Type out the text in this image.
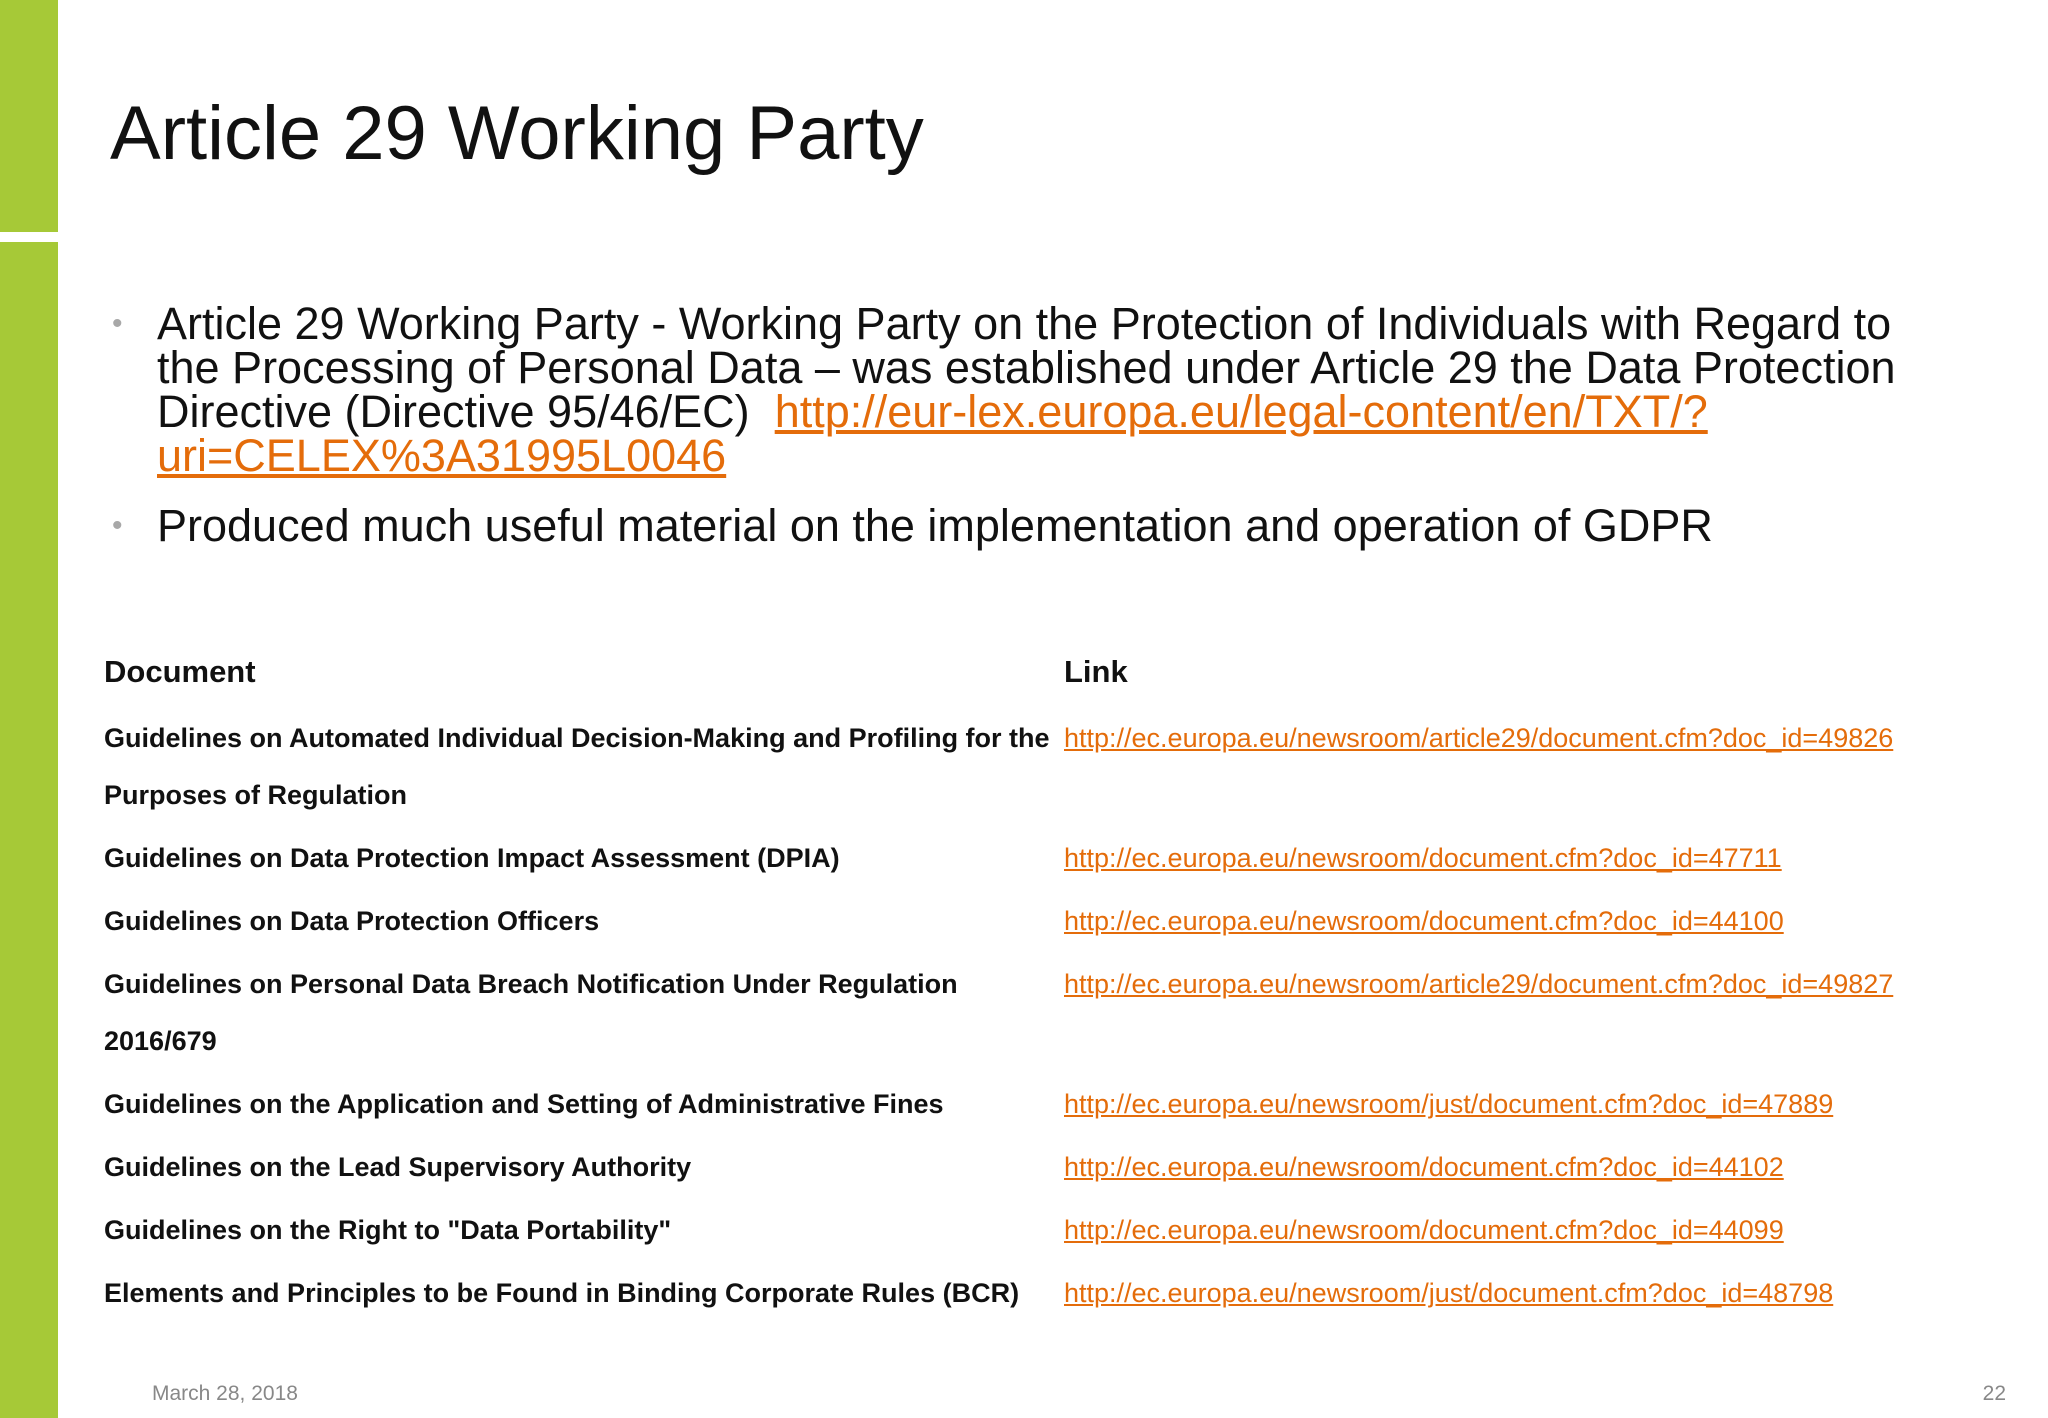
Article 29 Working Party
• Article 29 Working Party - Working Party on the Protection of Individuals with Regard to the Processing of Personal Data – was established under Article 29 the Data Protection Directive (Directive 95/46/EC) http://eur-lex.europa.eu/legal-content/en/TXT/?uri=CELEX%3A31995L0046
• Produced much useful material on the implementation and operation of GDPR
Document	Link
Guidelines on Automated Individual Decision-Making and Profiling for the Purposes of Regulation	http://ec.europa.eu/newsroom/article29/document.cfm?doc_id=49826
Guidelines on Data Protection Impact Assessment (DPIA)	http://ec.europa.eu/newsroom/document.cfm?doc_id=47711
Guidelines on Data Protection Officers	http://ec.europa.eu/newsroom/document.cfm?doc_id=44100
Guidelines on Personal Data Breach Notification Under Regulation 2016/679	http://ec.europa.eu/newsroom/article29/document.cfm?doc_id=49827
Guidelines on the Application and Setting of Administrative Fines	http://ec.europa.eu/newsroom/just/document.cfm?doc_id=47889
Guidelines on the Lead Supervisory Authority	http://ec.europa.eu/newsroom/document.cfm?doc_id=44102
Guidelines on the Right to "Data Portability"	http://ec.europa.eu/newsroom/document.cfm?doc_id=44099
Elements and Principles to be Found in Binding Corporate Rules (BCR)	http://ec.europa.eu/newsroom/just/document.cfm?doc_id=48798
March 28, 2018	22
